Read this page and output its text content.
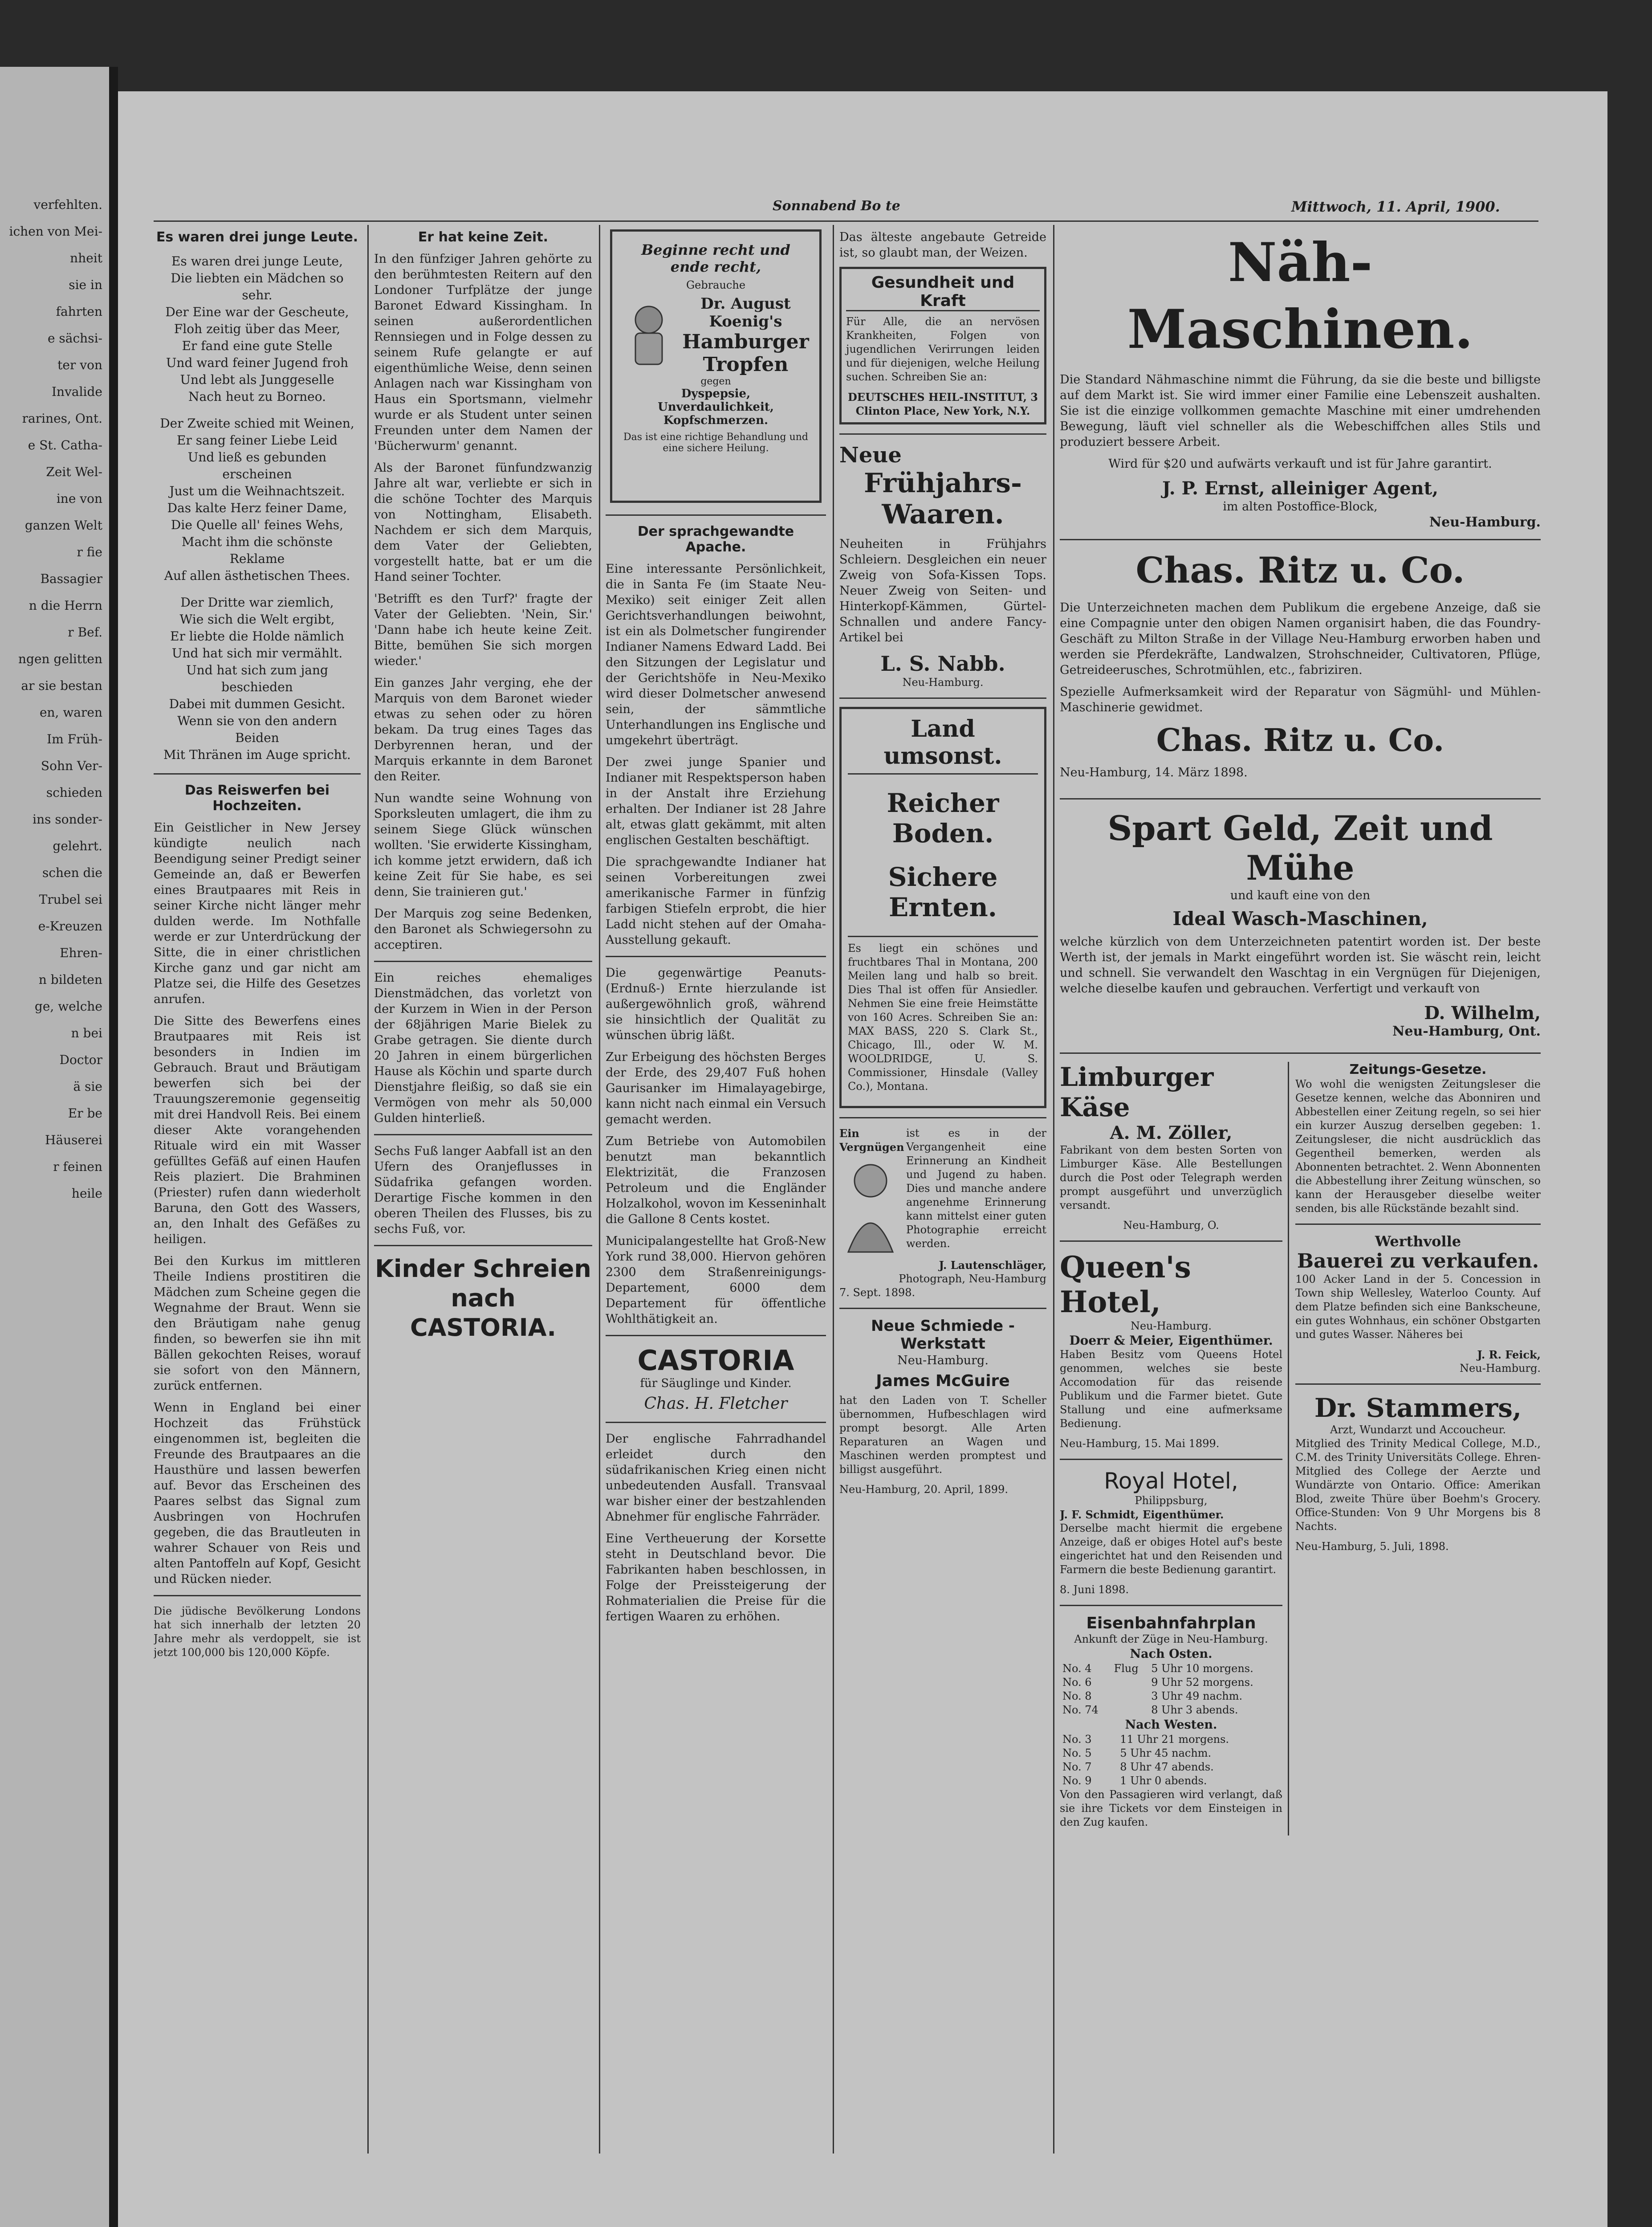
verfehlten.
ichen von Mei-
nheit
sie in
fahrten
e sächsi-
ter von
Invalide
rarines, Ont.
e St. Catha-
Zeit Wel-
ine von
ganzen Welt
r fie
Bassagier
n die Herrn
r Bef.
ngen gelitten
ar sie bestan
en, waren
Im Früh-
Sohn Ver-
schieden
ins sonder-
gelehrt.
schen die
Trubel sei
e-Kreuzen
Ehren-
n bildeten
ge, welche
n bei
Doctor
ä sie
Er be
Häuserei
r feinen
heile
Sonnabend Bo te	Mittwoch, 11. April, 1900.
Es waren drei junge Leute.
Es waren drei junge Leute,
Die liebten ein Mädchen so sehr.
Der Eine war der Gescheute,
Floh zeitig über das Meer,
Er fand eine gute Stelle
Und ward feiner Jugend froh
Und lebt als Junggeselle
Nach heut zu Borneo.
Der Zweite schied mit Weinen,
Er sang feiner Liebe Leid
Und ließ es gebunden erscheinen
Just um die Weihnachtszeit.
Das kalte Herz feiner Dame,
Die Quelle all' feines Wehs,
Macht ihm die schönste Reklame
Auf allen ästhetischen Thees.
Der Dritte war ziemlich,
Wie sich die Welt ergibt,
Er liebte die Holde nämlich
Und hat sich mir vermählt.
Und hat sich zum jang beschieden
Dabei mit dummen Gesicht.
Wenn sie von den andern Beiden
Mit Thränen im Auge spricht.
Das Reiswerfen bei Hochzeiten.

Ein Geistlicher in New Jersey kündigte neulich nach Beendigung seiner Predigt seiner Gemeinde an, daß er Bewerfen eines Brautpaares mit Reis in seiner Kirche nicht länger mehr dulden werde. Im Nothfalle werde er zur Unterdrückung der Sitte, die in einer christlichen Kirche ganz und gar nicht am Platze sei, die Hilfe des Gesetzes anrufen.

Die Sitte des Bewerfens eines Brautpaares mit Reis ist besonders in Indien im Gebrauch. Braut und Bräutigam bewerfen sich bei der Trauungszeremonie gegenseitig mit drei Handvoll Reis. Bei einem dieser Akte vorangehenden Rituale wird ein mit Wasser gefülltes Gefäß auf einen Haufen Reis plaziert. Die Brahminen (Priester) rufen dann wiederholt Baruna, den Gott des Wassers, an, den Inhalt des Gefäßes zu heiligen.

Bei den Kurkus im mittleren Theile Indiens prostitiren die Mädchen zum Scheine gegen die Wegnahme der Braut. Wenn sie den Bräutigam nahe genug finden, so bewerfen sie ihn mit Bällen gekochten Reises, worauf sie sofort von den Männern, zurück entfernen.

Wenn in England bei einer Hochzeit das Frühstück eingenommen ist, begleiten die Freunde des Brautpaares an die Hausthüre und lassen bewerfen auf. Bevor das Erscheinen des Paares selbst das Signal zum Ausbringen von Hochrufen gegeben, die das Brautleuten in wahrer Schauer von Reis und alten Pantoffeln auf Kopf, Gesicht und Rücken nieder.

Die jüdische Bevölkerung Londons hat sich innerhalb der letzten 20 Jahre mehr als verdoppelt, sie ist jetzt 100,000 bis 120,000 Köpfe.

Er hat keine Zeit.

In den fünfziger Jahren gehörte zu den berühmtesten Reitern auf den Londoner Turfplätze der junge Baronet Edward Kissingham. In seinen außerordentlichen Rennsiegen und in Folge dessen zu seinem Rufe gelangte er auf eigenthümliche Weise, denn seinen Anlagen nach war Kissingham von Haus ein Sportsmann, vielmehr wurde er als Student unter seinen Freunden unter dem Namen der 'Bücherwurm' genannt.

Als der Baronet fünfundzwanzig Jahre alt war, verliebte er sich in die schöne Tochter des Marquis von Nottingham, Elisabeth. Nachdem er sich dem Marquis, dem Vater der Geliebten, vorgestellt hatte, bat er um die Hand seiner Tochter.

'Betrifft es den Turf?' fragte der Vater der Geliebten. 'Nein, Sir.' 'Dann habe ich heute keine Zeit. Bitte, bemühen Sie sich morgen wieder.'

Ein ganzes Jahr verging, ehe der Marquis von dem Baronet wieder etwas zu sehen oder zu hören bekam. Da trug eines Tages das Derbyrennen heran, und der Marquis erkannte in dem Baronet den Reiter.

Nun wandte seine Wohnung von Sporksleuten umlagert, die ihm zu seinem Siege Glück wünschen wollten. 'Sie erwiderte Kissingham, ich komme jetzt erwidern, daß ich keine Zeit für Sie habe, es sei denn, Sie trainieren gut.'

Der Marquis zog seine Bedenken, den Baronet als Schwiegersohn zu acceptiren.

Ein reiches ehemaliges Dienstmädchen, das vorletzt von der Kurzem in Wien in der Person der 68jährigen Marie Bielek zu Grabe getragen. Sie diente durch 20 Jahren in einem bürgerlichen Hause als Köchin und sparte durch Dienstjahre fleißig, so daß sie ein Vermögen von mehr als 50,000 Gulden hinterließ.

Sechs Fuß langer Aabfall ist an den Ufern des Oranjeflusses in Südafrika gefangen worden. Derartige Fische kommen in den oberen Theilen des Flusses, bis zu sechs Fuß, vor.

Kinder Schreien nach CASTORIA.
Beginne recht und ende recht,
Gebrauche
Dr. August Koenig's
Hamburger Tropfen
gegen
Dyspepsie, Unverdaulichkeit,
Kopfschmerzen.
Das ist eine richtige Behandlung und eine sichere Heilung.
Der sprachgewandte Apache.

Eine interessante Persönlichkeit, die in Santa Fe (im Staate Neu-Mexiko) seit einiger Zeit allen Gerichtsverhandlungen beiwohnt, ist ein als Dolmetscher fungirender Indianer Namens Edward Ladd. Bei den Sitzungen der Legislatur und der Gerichtshöfe in Neu-Mexiko wird dieser Dolmetscher anwesend sein, der sämmtliche Unterhandlungen ins Englische und umgekehrt überträgt.

Der zwei junge Spanier und Indianer mit Respektsperson haben in der Anstalt ihre Erziehung erhalten. Der Indianer ist 28 Jahre alt, etwas glatt gekämmt, mit alten englischen Gestalten beschäftigt.

Die sprachgewandte Indianer hat seinen Vorbereitungen zwei amerikanische Farmer in fünfzig farbigen Stiefeln erprobt, die hier Ladd nicht stehen auf der Omaha-Ausstellung gekauft.

Die gegenwärtige Peanuts-(Erdnuß-) Ernte hierzulande ist außergewöhnlich groß, während sie hinsichtlich der Qualität zu wünschen übrig läßt.

Zur Erbeigung des höchsten Berges der Erde, des 29,407 Fuß hohen Gaurisanker im Himalayagebirge, kann nicht nach einmal ein Versuch gemacht werden.

Zum Betriebe von Automobilen benutzt man bekanntlich Elektrizität, die Franzosen Petroleum und die Engländer Holzalkohol, wovon im Kesseninhalt die Gallone 8 Cents kostet.

Municipalangestellte hat Groß-New York rund 38,000. Hiervon gehören 2300 dem Straßenreinigungs-Departement, 6000 dem Departement für öffentliche Wohlthätigkeit an.

CASTORIA
für Säuglinge und Kinder.
Chas. H. Fletcher

Der englische Fahrradhandel erleidet durch den südafrikanischen Krieg einen nicht unbedeutenden Ausfall. Transvaal war bisher einer der bestzahlenden Abnehmer für englische Fahrräder.

Eine Vertheuerung der Korsette steht in Deutschland bevor. Die Fabrikanten haben beschlossen, in Folge der Preissteigerung der Rohmaterialien die Preise für die fertigen Waaren zu erhöhen.

Das älteste angebaute Getreide ist, so glaubt man, der Weizen.

Gesundheit und Kraft

Für Alle, die an nervösen Krankheiten, Folgen von jugendlichen Verirrungen leiden und für diejenigen, welche Heilung suchen. Schreiben Sie an:

DEUTSCHES HEIL-INSTITUT, 3 Clinton Place, New York, N.Y.
Neue
Frühjahrs-
Waaren.

Neuheiten in Frühjahrs Schleiern. Desgleichen ein neuer Zweig von Sofa-Kissen Tops. Neuer Zweig von Seiten- und Hinterkopf-Kämmen, Gürtel-Schnallen und andere Fancy-Artikel bei

L. S. Nabb.
Neu-Hamburg.
Land umsonst.
Reicher
Boden.
Sichere
Ernten.

Es liegt ein schönes und fruchtbares Thal in Montana, 200 Meilen lang und halb so breit. Dies Thal ist offen für Ansiedler. Nehmen Sie eine freie Heimstätte von 160 Acres. Schreiben Sie an: MAX BASS, 220 S. Clark St., Chicago, Ill., oder W. M. WOOLDRIDGE, U. S. Commissioner, Hinsdale (Valley Co.), Montana.

Ein Vergnügen

ist es in der Vergangenheit eine Erinnerung an Kindheit und Jugend zu haben. Dies und manche andere angenehme Erinnerung kann mittelst einer guten Photographie erreicht werden.

J. Lautenschläger,
Photograph, Neu-Hamburg
7. Sept. 1898.
Neue Schmiede - Werkstatt
Neu-Hamburg.
James McGuire

hat den Laden von T. Scheller übernommen, Hufbeschlagen wird prompt besorgt. Alle Arten Reparaturen an Wagen und Maschinen werden promptest und billigst ausgeführt.

Neu-Hamburg, 20. April, 1899.
Näh-Maschinen.

Die Standard Nähmaschine nimmt die Führung, da sie die beste und billigste auf dem Markt ist. Sie wird immer einer Familie eine Lebenszeit aushalten. Sie ist die einzige vollkommen gemachte Maschine mit einer umdrehenden Bewegung, läuft viel schneller als die Webeschiffchen alles Stils und produziert bessere Arbeit.

Wird für $20 und aufwärts verkauft und ist für Jahre garantirt.

J. P. Ernst, alleiniger Agent,
im alten Postoffice-Block,
Neu-Hamburg.
Chas. Ritz u. Co.

Die Unterzeichneten machen dem Publikum die ergebene Anzeige, daß sie eine Compagnie unter den obigen Namen organisirt haben, die das Foundry-Geschäft zu Milton Straße in der Village Neu-Hamburg erworben haben und werden sie Pferdekräfte, Landwalzen, Strohschneider, Cultivatoren, Pflüge, Getreideerusches, Schrotmühlen, etc., fabriziren.

Spezielle Aufmerksamkeit wird der Reparatur von Sägmühl- und Mühlen-Maschinerie gewidmet.

Chas. Ritz u. Co.
Neu-Hamburg, 14. März 1898.
Spart Geld, Zeit und Mühe
und kauft eine von den
Ideal Wasch-Maschinen,

welche kürzlich von dem Unterzeichneten patentirt worden ist. Der beste Werth ist, der jemals in Markt eingeführt worden ist. Sie wäscht rein, leicht und schnell. Sie verwandelt den Waschtag in ein Vergnügen für Diejenigen, welche dieselbe kaufen und gebrauchen. Verfertigt und verkauft von

D. Wilhelm,
Neu-Hamburg, Ont.
Limburger Käse
A. M. Zöller,

Fabrikant von dem besten Sorten von Limburger Käse. Alle Bestellungen durch die Post oder Telegraph werden prompt ausgeführt und unverzüglich versandt.

Neu-Hamburg, O.
Queen's Hotel,
Neu-Hamburg.
Doerr & Meier, Eigenthümer.

Haben Besitz vom Queens Hotel genommen, welches sie beste Accomodation für das reisende Publikum und die Farmer bietet. Gute Stallung und eine aufmerksame Bedienung.

Neu-Hamburg, 15. Mai 1899.
Royal Hotel,
Philippsburg,
J. F. Schmidt, Eigenthümer.

Derselbe macht hiermit die ergebene Anzeige, daß er obiges Hotel auf's beste eingerichtet hat und den Reisenden und Farmern die beste Bedienung garantirt.

8. Juni 1898.
Eisenbahnfahrplan
Ankunft der Züge in Neu-Hamburg.
Nach Osten.
No. 4	Flug	5 Uhr 10 morgens.
No. 6		9 Uhr 52 morgens.
No. 8		3 Uhr 49 nachm.
No. 74		8 Uhr 3 abends.
Nach Westen.
No. 3		11 Uhr 21 morgens.
No. 5		5 Uhr 45 nachm.
No. 7		8 Uhr 47 abends.
No. 9		1 Uhr 0 abends.

Von den Passagieren wird verlangt, daß sie ihre Tickets vor dem Einsteigen in den Zug kaufen.

Zeitungs-Gesetze.

Wo wohl die wenigsten Zeitungsleser die Gesetze kennen, welche das Abonniren und Abbestellen einer Zeitung regeln, so sei hier ein kurzer Auszug derselben gegeben: 1. Zeitungsleser, die nicht ausdrücklich das Gegentheil bemerken, werden als Abonnenten betrachtet. 2. Wenn Abonnenten die Abbestellung ihrer Zeitung wünschen, so kann der Herausgeber dieselbe weiter senden, bis alle Rückstände bezahlt sind.

Werthvolle
Bauerei zu verkaufen.

100 Acker Land in der 5. Concession in Town ship Wellesley, Waterloo County. Auf dem Platze befinden sich eine Bankscheune, ein gutes Wohnhaus, ein schöner Obstgarten und gutes Wasser. Näheres bei

J. R. Feick,
Neu-Hamburg.
Dr. Stammers,
Arzt, Wundarzt und Accoucheur.

Mitglied des Trinity Medical College, M.D., C.M. des Trinity Universitäts College. Ehren-Mitglied des College der Aerzte und Wundärzte von Ontario. Office: Amerikan Blod, zweite Thüre über Boehm's Grocery. Office-Stunden: Von 9 Uhr Morgens bis 8 Nachts.

Neu-Hamburg, 5. Juli, 1898.
